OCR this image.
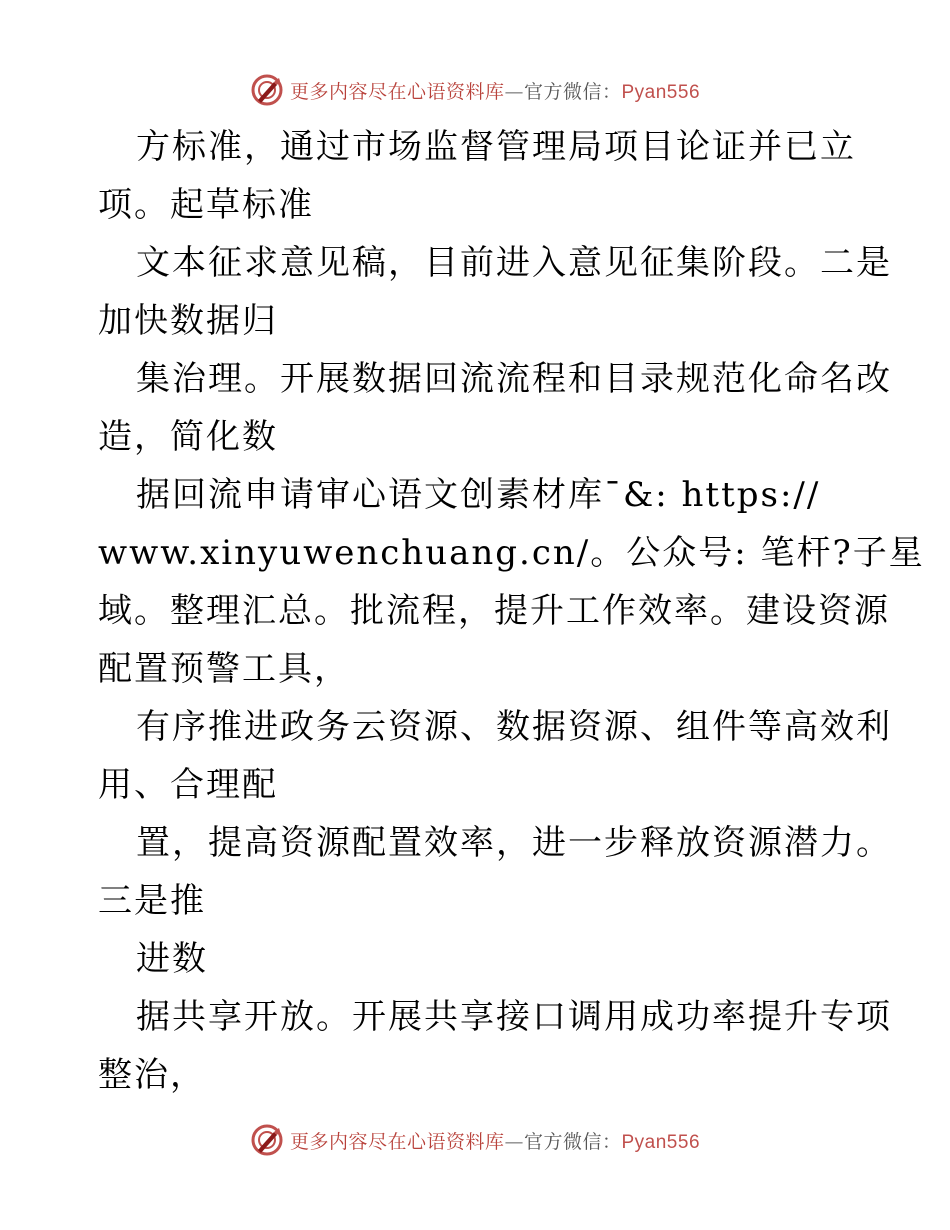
更多内容尽在心语资料库—官方微信：Pyan556
方标准，通过市场监督管理局项目论证并已立
项。起草标准
文本征求意见稿，目前进入意见征集阶段。二是
加快数据归
集治理。开展数据回流流程和目录规范化命名改
造，简化数
据回流申请审心语文创素材库¯&: https://
www.xinyuwenchuang.cn/。公众号: 笔杆?子星
域。整理汇总。批流程，提升工作效率。建设资源
配置预警工具，
有序推进政务云资源、数据资源、组件等高效利
用、合理配
置，提高资源配置效率，进一步释放资源潜力。
三是推
进数
据共享开放。开展共享接口调用成功率提升专项
整治，
更多内容尽在心语资料库—官方微信：Pyan556
